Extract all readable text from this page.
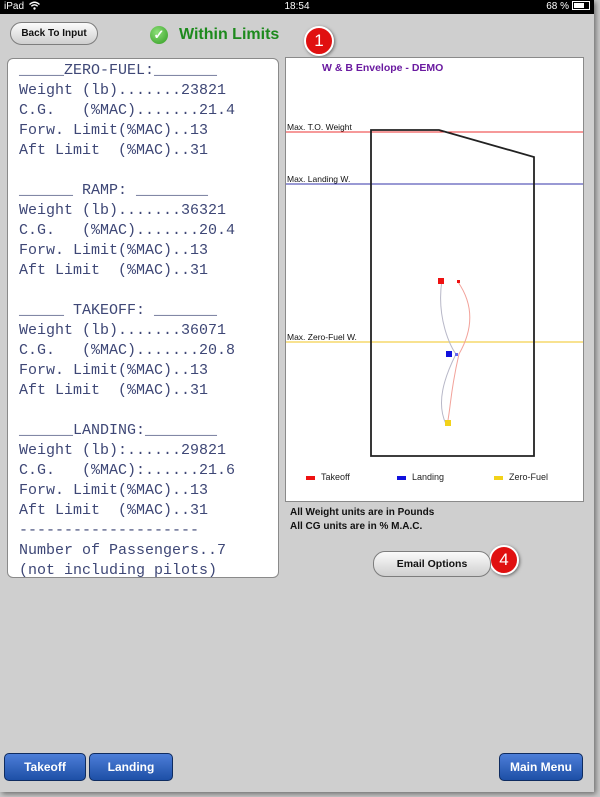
iPad	18:54	68 %
Back To Input	✓ Within Limits	1
4
_____ZERO-FUEL:_______
Weight (lb).......23821
C.G.   (%MAC).......21.4
Forw. Limit(%MAC)..13
Aft Limit  (%MAC)..31

______ RAMP: ________
Weight (lb).......36321
C.G.   (%MAC).......20.4
Forw. Limit(%MAC)..13
Aft Limit  (%MAC)..31

_____ TAKEOFF: _______
Weight (lb).......36071
C.G.   (%MAC).......20.8
Forw. Limit(%MAC)..13
Aft Limit  (%MAC)..31

______LANDING:________
Weight (lb):......29821
C.G.   (%MAC):......21.6
Forw. Limit(%MAC)..13
Aft Limit  (%MAC)..31
--------------------
Number of Passengers..7
(not including pilots)
W & B Envelope - DEMO
Max. T.O. Weight
Max. Landing W.
Max. Zero-Fuel W.
Takeoff	Landing	Zero-Fuel
All Weight units are in Pounds
All CG units are in % M.A.C.
Email Options
Takeoff	Landing	Main Menu
